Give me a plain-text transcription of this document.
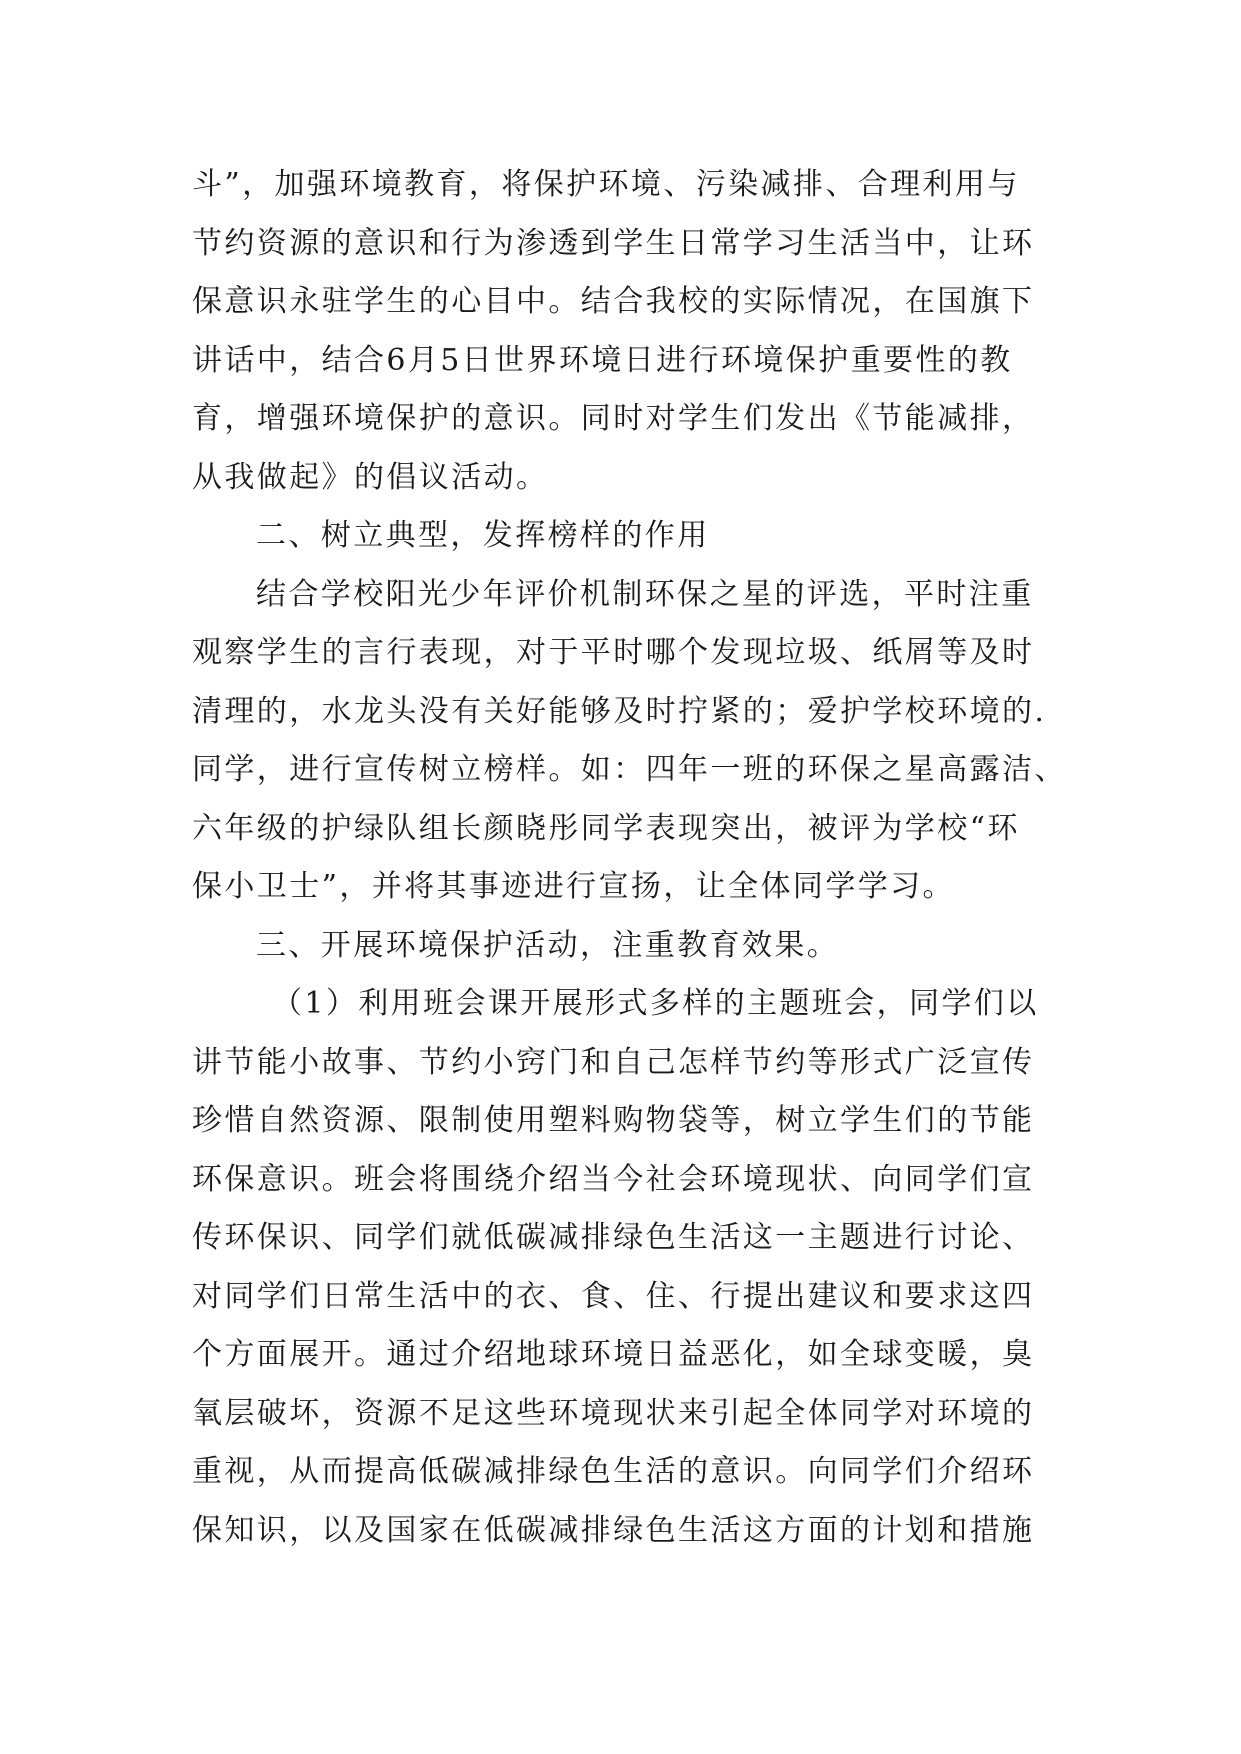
斗”，加强环境教育，将保护环境、污染减排、合理利用与
节约资源的意识和行为渗透到学生日常学习生活当中，让环
保意识永驻学生的心目中。结合我校的实际情况，在国旗下
讲话中，结合6月5日世界环境日进行环境保护重要性的教
育，增强环境保护的意识。同时对学生们发出《节能减排，
从我做起》的倡议活动。
二、树立典型，发挥榜样的作用
结合学校阳光少年评价机制环保之星的评选，平时注重
观察学生的言行表现，对于平时哪个发现垃圾、纸屑等及时
清理的，水龙头没有关好能够及时拧紧的；爱护学校环境的.
同学，进行宣传树立榜样。如：四年一班的环保之星高露洁、
六年级的护绿队组长颜晓彤同学表现突出，被评为学校“环
保小卫士”，并将其事迹进行宣扬，让全体同学学习。
三、开展环境保护活动，注重教育效果。
（1）利用班会课开展形式多样的主题班会，同学们以
讲节能小故事、节约小窍门和自己怎样节约等形式广泛宣传
珍惜自然资源、限制使用塑料购物袋等，树立学生们的节能
环保意识。班会将围绕介绍当今社会环境现状、向同学们宣
传环保识、同学们就低碳减排绿色生活这一主题进行讨论、
对同学们日常生活中的衣、食、住、行提出建议和要求这四
个方面展开。通过介绍地球环境日益恶化，如全球变暖，臭
氧层破坏，资源不足这些环境现状来引起全体同学对环境的
重视，从而提高低碳减排绿色生活的意识。向同学们介绍环
保知识，以及国家在低碳减排绿色生活这方面的计划和措施
